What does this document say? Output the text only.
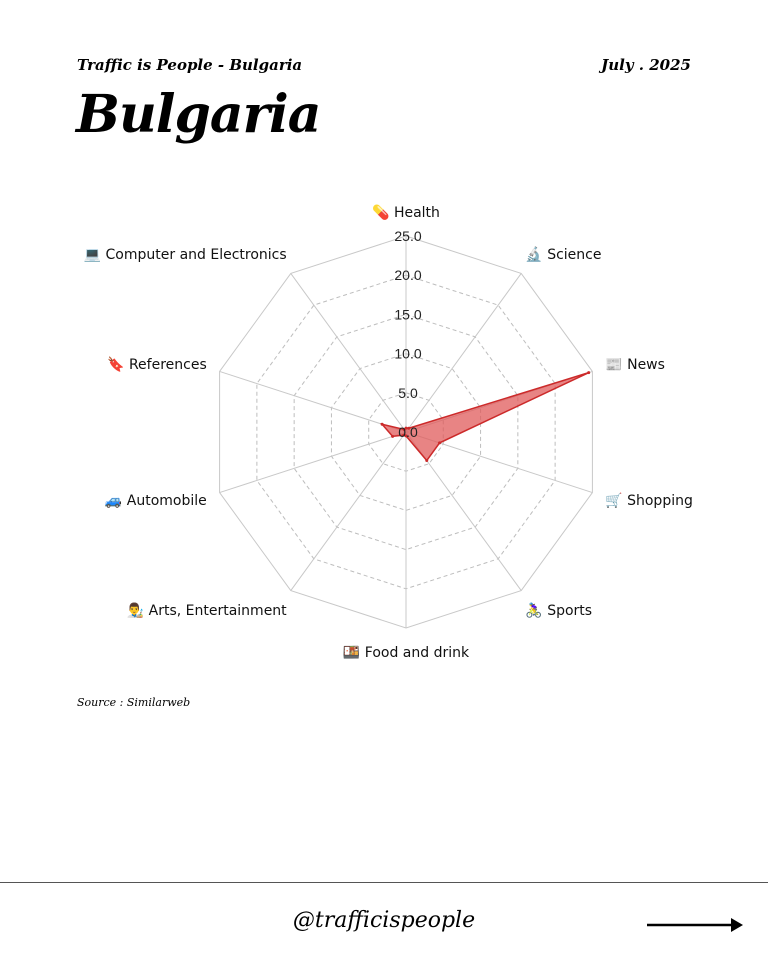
Traffic is People - Bulgaria	July . 2025
Bulgaria
0.0
5.0
10.0
15.0
20.0
25.0
💊 Health
🔬 Science
📰 News
🛒 Shopping
🚴‍♀️ Sports
🍱 Food and drink
👨‍🎨 Arts, Entertainment
🚙 Automobile
🔖 References
💻 Computer and Electronics
Source : Similarweb
@trafficispeople
